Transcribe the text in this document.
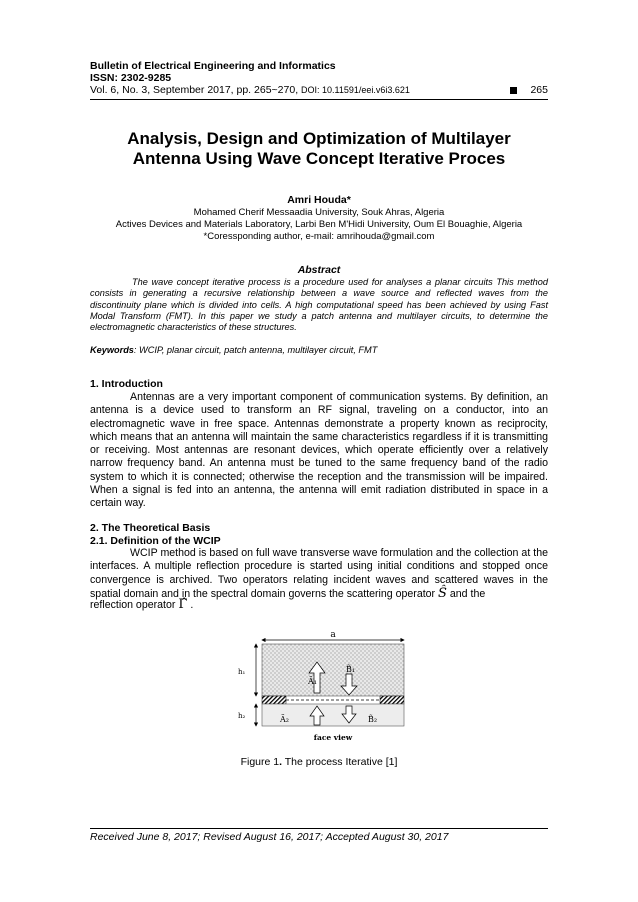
Bulletin of Electrical Engineering and Informatics
ISSN: 2302-9285
Vol. 6, No. 3, September 2017, pp. 265~270, DOI: 10.11591/eei.v6i3.621	265
Analysis, Design and Optimization of Multilayer
Antenna Using Wave Concept Iterative Proces
Amri Houda*
Mohamed Cherif Messaadia University, Souk Ahras, Algeria
Actives Devices and Materials Laboratory, Larbi Ben M'Hidi University, Oum El Bouaghie, Algeria
*Coressponding author, e-mail: amrihouda@gmail.com
Abstract
The wave concept iterative process is a procedure used for analyses a planar circuits This method consists in generating a recursive relationship between a wave source and reflected waves from the discontinuity plane which is divided into cells. A high computational speed has been achieved by using Fast Modal Transform (FMT). In this paper we study a patch antenna and multilayer circuits, to determine the electromagnetic characteristics of these structures.
Keywords: WCIP, planar circuit, patch antenna, multilayer circuit, FMT
1. Introduction
Antennas are a very important component of communication systems. By definition, an antenna is a device used to transform an RF signal, traveling on a conductor, into an electromagnetic wave in free space. Antennas demonstrate a property known as reciprocity, which means that an antenna will maintain the same characteristics regardless if it is transmitting or receiving. Most antennas are resonant devices, which operate efficiently over a relatively narrow frequency band. An antenna must be tuned to the same frequency band of the radio system to which it is connected; otherwise the reception and the transmission will be impaired. When a signal is fed into an antenna, the antenna will emit radiation distributed in space in a certain way.
2. The Theoretical Basis
2.1. Definition of the WCIP
WCIP method is based on full wave transverse wave formulation and the collection at the interfaces. A multiple reflection procedure is started using initial conditions and stopped once convergence is archived. Two operators relating incident waves and scattered waves in the spatial domain and in the spectral domain governs the scattering operator Ŝ and the
reflection operator Γ̂ .
a
h₁
h₂
Ã₁
B̃₁
Ã₂	B̃₂
face view
Figure 1. The process Iterative [1]
Received June 8, 2017; Revised August 16, 2017; Accepted August 30, 2017
